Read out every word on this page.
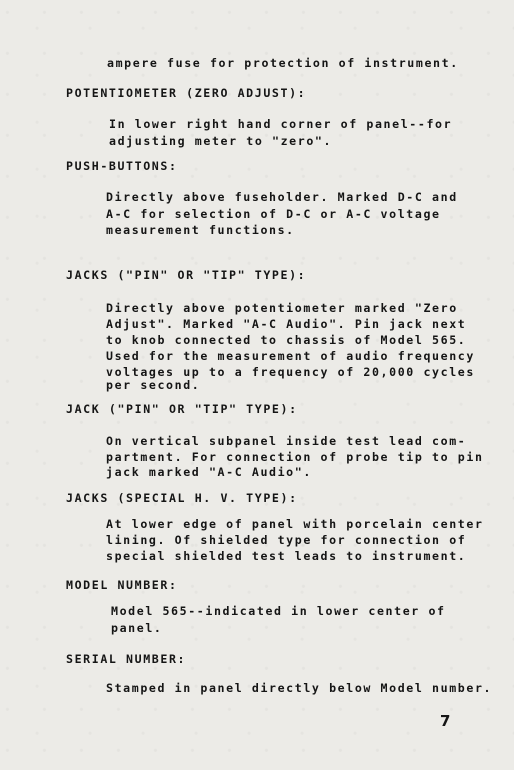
ampere fuse for protection of instrument.
POTENTIOMETER (ZERO ADJUST):
In lower right hand corner of panel--for
adjusting meter to "zero".
PUSH-BUTTONS:
Directly above fuseholder. Marked D-C and
A-C for selection of D-C or A-C voltage
measurement functions.
JACKS ("PIN" OR "TIP" TYPE):
Directly above potentiometer marked "Zero
Adjust". Marked "A-C Audio". Pin jack next
to knob connected to chassis of Model 565.
Used for the measurement of audio frequency
voltages up to a frequency of 20,000 cycles
per second.
JACK ("PIN" OR "TIP" TYPE):
On vertical subpanel inside test lead com-
partment. For connection of probe tip to pin
jack marked "A-C Audio".
JACKS (SPECIAL H. V. TYPE):
At lower edge of panel with porcelain center
lining. Of shielded type for connection of
special shielded test leads to instrument.
MODEL NUMBER:
Model 565--indicated in lower center of
panel.
SERIAL NUMBER:
Stamped in panel directly below Model number.
7
